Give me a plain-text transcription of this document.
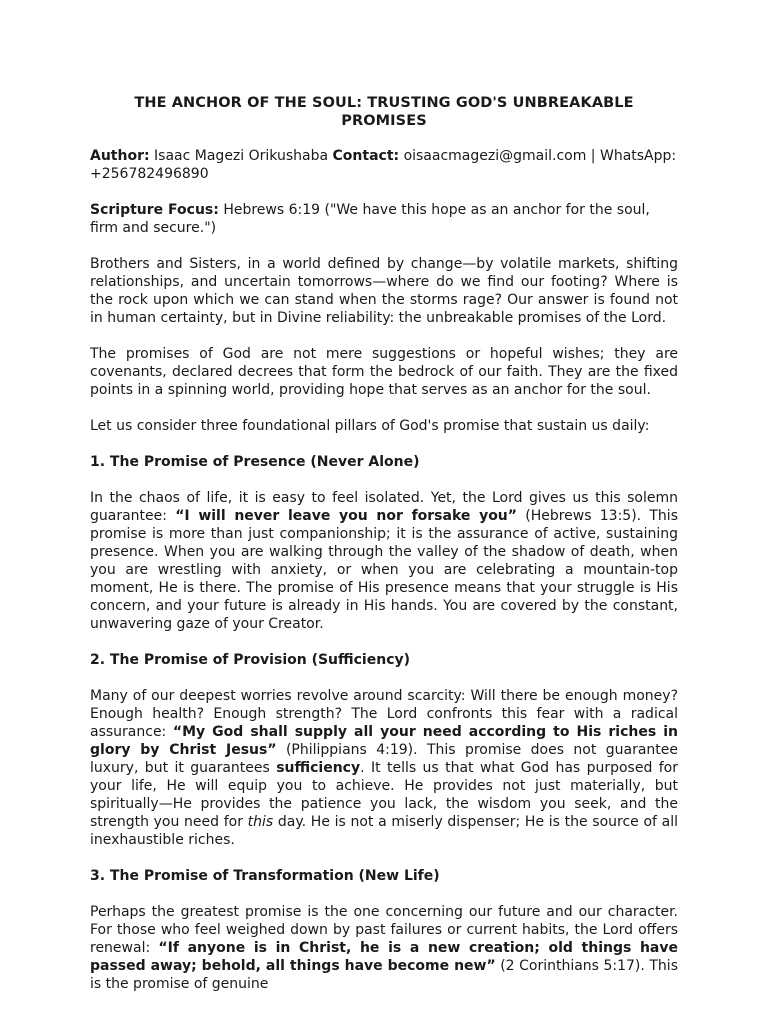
THE ANCHOR OF THE SOUL: TRUSTING GOD'S UNBREAKABLE PROMISES

Author: Isaac Magezi Orikushaba Contact: oisaacmagezi@gmail.com | WhatsApp: +256782496890

Scripture Focus: Hebrews 6:19 ("We have this hope as an anchor for the soul, firm and secure.")

Brothers and Sisters, in a world defined by change—by volatile markets, shifting relationships, and uncertain tomorrows—where do we find our footing? Where is the rock upon which we can stand when the storms rage? Our answer is found not in human certainty, but in Divine reliability: the unbreakable promises of the Lord.

The promises of God are not mere suggestions or hopeful wishes; they are covenants, declared decrees that form the bedrock of our faith. They are the fixed points in a spinning world, providing hope that serves as an anchor for the soul.

Let us consider three foundational pillars of God's promise that sustain us daily:

1. The Promise of Presence (Never Alone)

In the chaos of life, it is easy to feel isolated. Yet, the Lord gives us this solemn guarantee: “I will never leave you nor forsake you” (Hebrews 13:5). This promise is more than just companionship; it is the assurance of active, sustaining presence. When you are walking through the valley of the shadow of death, when you are wrestling with anxiety, or when you are celebrating a mountain-top moment, He is there. The promise of His presence means that your struggle is His concern, and your future is already in His hands. You are covered by the constant, unwavering gaze of your Creator.

2. The Promise of Provision (Sufficiency)

Many of our deepest worries revolve around scarcity: Will there be enough money? Enough health? Enough strength? The Lord confronts this fear with a radical assurance: “My God shall supply all your need according to His riches in glory by Christ Jesus” (Philippians 4:19). This promise does not guarantee luxury, but it guarantees sufficiency. It tells us that what God has purposed for your life, He will equip you to achieve. He provides not just materially, but spiritually—He provides the patience you lack, the wisdom you seek, and the strength you need for this day. He is not a miserly dispenser; He is the source of all inexhaustible riches.

3. The Promise of Transformation (New Life)

Perhaps the greatest promise is the one concerning our future and our character. For those who feel weighed down by past failures or current habits, the Lord offers renewal: “If anyone is in Christ, he is a new creation; old things have passed away; behold, all things have become new” (2 Corinthians 5:17). This is the promise of genuine
